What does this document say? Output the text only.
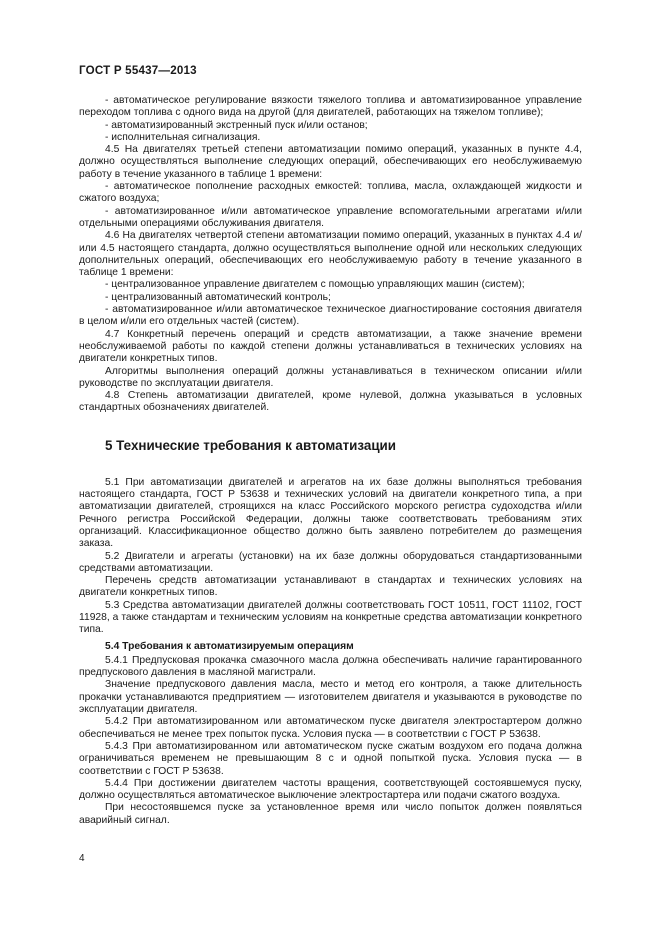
ГОСТ Р 55437—2013

- автоматическое регулирование вязкости тяжелого топлива и автоматизированное управление переходом топлива с одного вида на другой (для двигателей, работающих на тяжелом топливе);

- автоматизированный экстренный пуск и/или останов;

- исполнительная сигнализация.

4.5 На двигателях третьей степени автоматизации помимо операций, указанных в пункте 4.4, должно осуществляться выполнение следующих операций, обеспечивающих его необслуживаемую работу в течение указанного в таблице 1 времени:

- автоматическое пополнение расходных емкостей: топлива, масла, охлаждающей жидкости и сжатого воздуха;

- автоматизированное и/или автоматическое управление вспомогательными агрегатами и/или отдельными операциями обслуживания двигателя.

4.6 На двигателях четвертой степени автоматизации помимо операций, указанных в пунктах 4.4 и/или 4.5 настоящего стандарта, должно осуществляться выполнение одной или нескольких следующих дополнительных операций, обеспечивающих его необслуживаемую работу в течение указанного в таблице 1 времени:

- централизованное управление двигателем с помощью управляющих машин (систем);

- централизованный автоматический контроль;

- автоматизированное и/или автоматическое техническое диагностирование состояния двигателя в целом и/или его отдельных частей (систем).

4.7 Конкретный перечень операций и средств автоматизации, а также значение времени необслуживаемой работы по каждой степени должны устанавливаться в технических условиях на двигатели конкретных типов.

Алгоритмы выполнения операций должны устанавливаться в техническом описании и/или руководстве по эксплуатации двигателя.

4.8 Степень автоматизации двигателей, кроме нулевой, должна указываться в условных стандартных обозначениях двигателей.

5 Технические требования к автоматизации

5.1 При автоматизации двигателей и агрегатов на их базе должны выполняться требования настоящего стандарта, ГОСТ Р 53638 и технических условий на двигатели конкретного типа, а при автоматизации двигателей, строящихся на класс Российского морского регистра судоходства и/или Речного регистра Российской Федерации, должны также соответствовать требованиям этих организаций. Классификационное общество должно быть заявлено потребителем до размещения заказа.

5.2 Двигатели и агрегаты (установки) на их базе должны оборудоваться стандартизованными средствами автоматизации.

Перечень средств автоматизации устанавливают в стандартах и технических условиях на двигатели конкретных типов.

5.3 Средства автоматизации двигателей должны соответствовать ГОСТ 10511, ГОСТ 11102, ГОСТ 11928, а также стандартам и техническим условиям на конкретные средства автоматизации конкретного типа.

5.4 Требования к автоматизируемым операциям

5.4.1 Предпусковая прокачка смазочного масла должна обеспечивать наличие гарантированного предпускового давления в масляной магистрали.

Значение предпускового давления масла, место и метод его контроля, а также длительность прокачки устанавливаются предприятием — изготовителем двигателя и указываются в руководстве по эксплуатации двигателя.

5.4.2 При автоматизированном или автоматическом пуске двигателя электростартером должно обеспечиваться не менее трех попыток пуска. Условия пуска — в соответствии с ГОСТ Р 53638.

5.4.3 При автоматизированном или автоматическом пуске сжатым воздухом его подача должна ограничиваться временем не превышающим 8 с и одной попыткой пуска. Условия пуска — в соответствии с ГОСТ Р 53638.

5.4.4 При достижении двигателем частоты вращения, соответствующей состоявшемуся пуску, должно осуществляться автоматическое выключение электростартера или подачи сжатого воздуха.

При несостоявшемся пуске за установленное время или число попыток должен появляться аварийный сигнал.

4
